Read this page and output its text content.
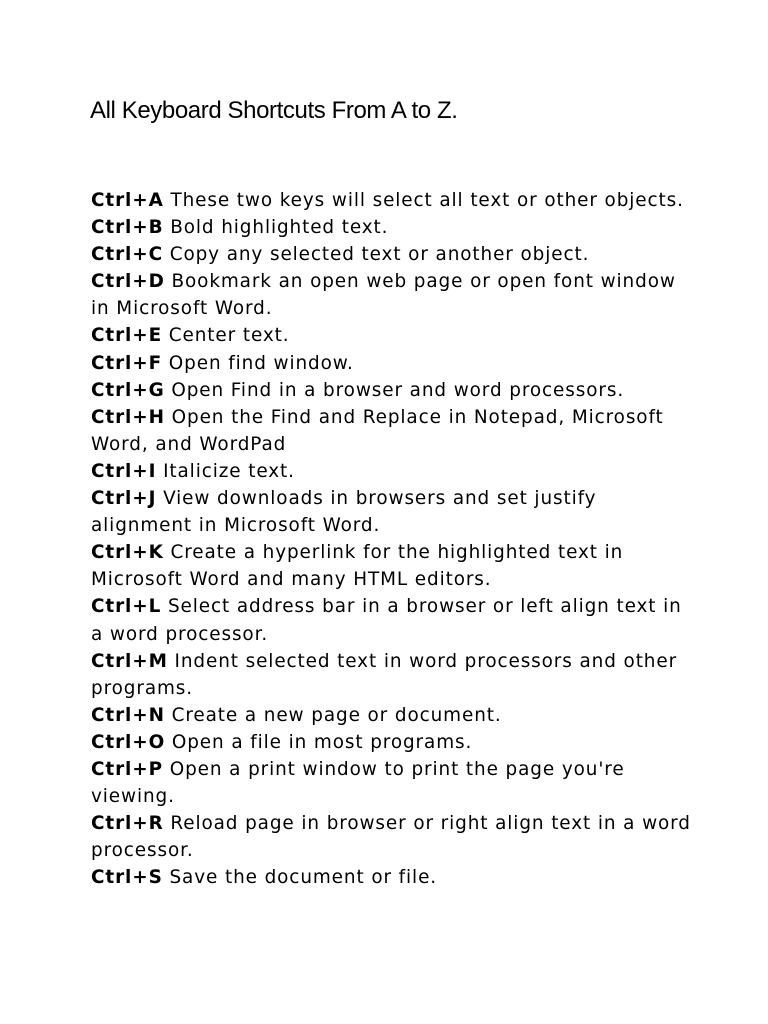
All Keyboard Shortcuts From A to Z.
Ctrl+A These two keys will select all text or other objects.
Ctrl+B Bold highlighted text.
Ctrl+C Copy any selected text or another object.
Ctrl+D Bookmark an open web page or open font window in Microsoft Word.
Ctrl+E Center text.
Ctrl+F Open find window.
Ctrl+G Open Find in a browser and word processors.
Ctrl+H Open the Find and Replace in Notepad, Microsoft Word, and WordPad
Ctrl+I Italicize text.
Ctrl+J View downloads in browsers and set justify alignment in Microsoft Word.
Ctrl+K Create a hyperlink for the highlighted text in Microsoft Word and many HTML editors.
Ctrl+L Select address bar in a browser or left align text in a word processor.
Ctrl+M Indent selected text in word processors and other programs.
Ctrl+N Create a new page or document.
Ctrl+O Open a file in most programs.
Ctrl+P Open a print window to print the page you're viewing.
Ctrl+R Reload page in browser or right align text in a word processor.
Ctrl+S Save the document or file.
